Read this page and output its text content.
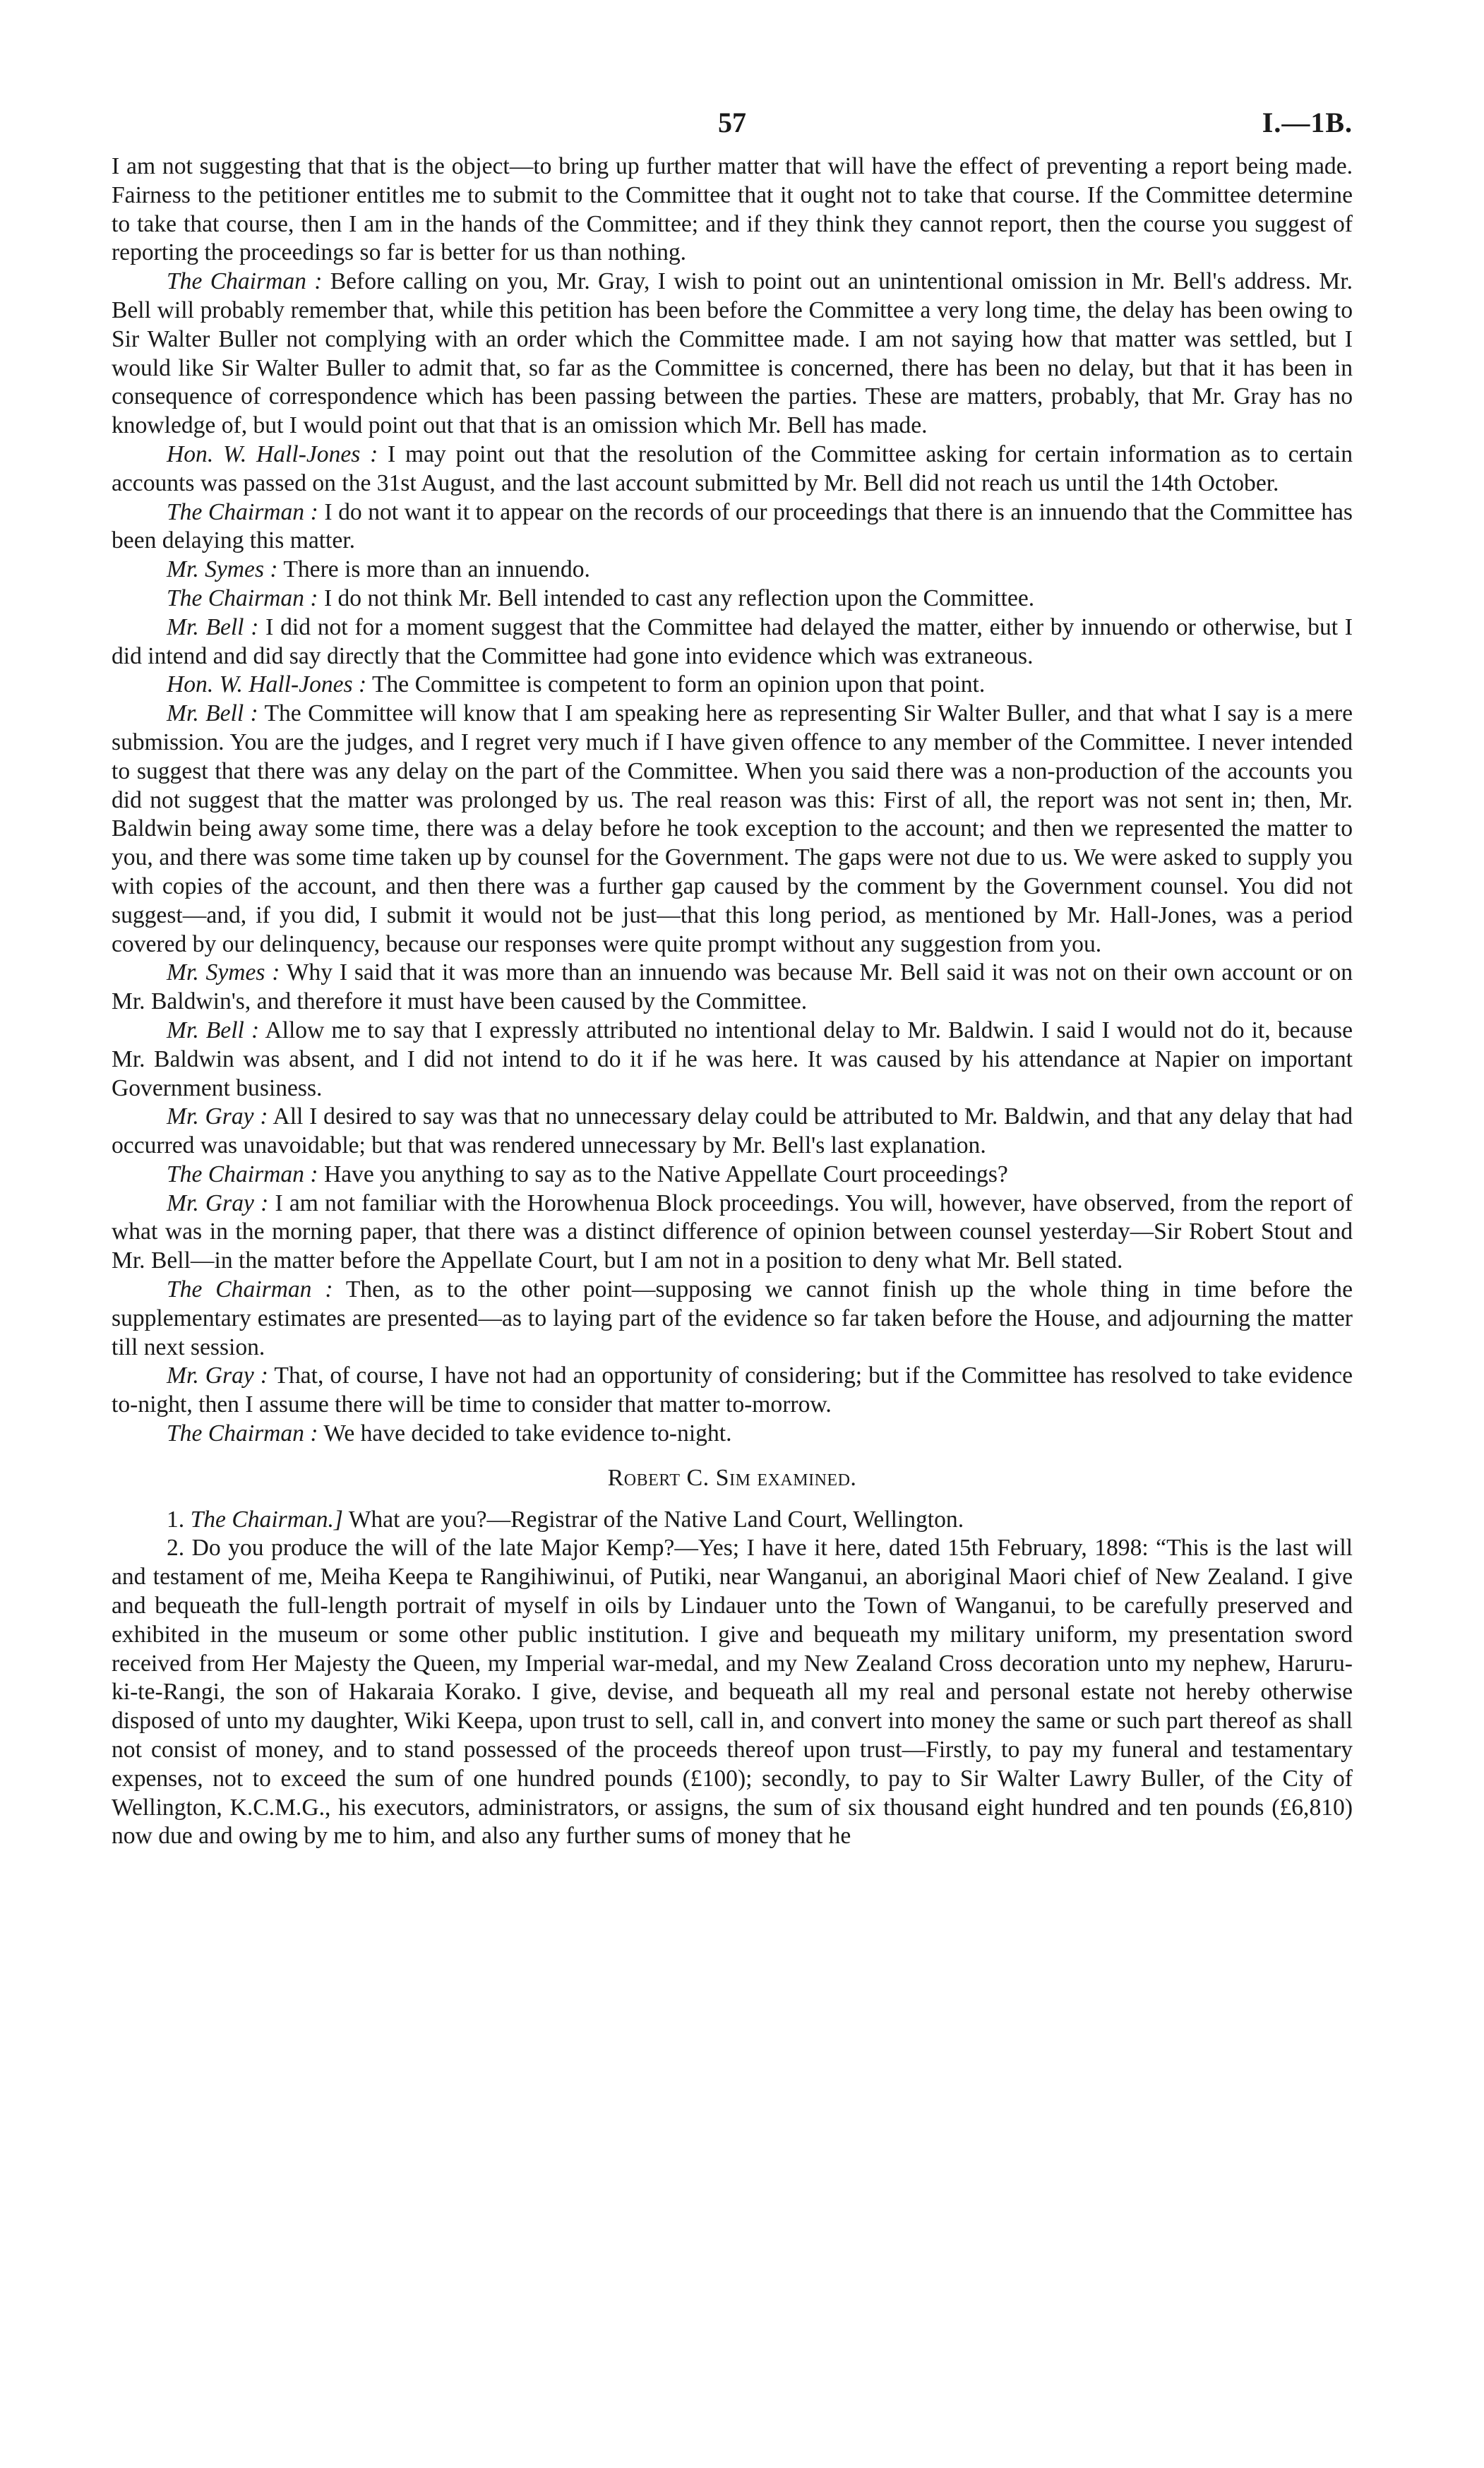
57	I.—1B.

I am not suggesting that that is the object—to bring up further matter that will have the effect of preventing a report being made. Fairness to the petitioner entitles me to submit to the Committee that it ought not to take that course. If the Committee determine to take that course, then I am in the hands of the Committee; and if they think they cannot report, then the course you suggest of reporting the proceedings so far is better for us than nothing.

The Chairman : Before calling on you, Mr. Gray, I wish to point out an unintentional omission in Mr. Bell's address. Mr. Bell will probably remember that, while this petition has been before the Committee a very long time, the delay has been owing to Sir Walter Buller not complying with an order which the Committee made. I am not saying how that matter was settled, but I would like Sir Walter Buller to admit that, so far as the Committee is concerned, there has been no delay, but that it has been in consequence of correspondence which has been passing between the parties. These are matters, probably, that Mr. Gray has no knowledge of, but I would point out that that is an omission which Mr. Bell has made.

Hon. W. Hall-Jones : I may point out that the resolution of the Committee asking for certain information as to certain accounts was passed on the 31st August, and the last account submitted by Mr. Bell did not reach us until the 14th October.

The Chairman : I do not want it to appear on the records of our proceedings that there is an innuendo that the Committee has been delaying this matter.

Mr. Symes : There is more than an innuendo.

The Chairman : I do not think Mr. Bell intended to cast any reflection upon the Committee.

Mr. Bell : I did not for a moment suggest that the Committee had delayed the matter, either by innuendo or otherwise, but I did intend and did say directly that the Committee had gone into evidence which was extraneous.

Hon. W. Hall-Jones : The Committee is competent to form an opinion upon that point.

Mr. Bell : The Committee will know that I am speaking here as representing Sir Walter Buller, and that what I say is a mere submission. You are the judges, and I regret very much if I have given offence to any member of the Committee. I never intended to suggest that there was any delay on the part of the Committee. When you said there was a non-production of the accounts you did not suggest that the matter was prolonged by us. The real reason was this: First of all, the report was not sent in; then, Mr. Baldwin being away some time, there was a delay before he took exception to the account; and then we represented the matter to you, and there was some time taken up by counsel for the Government. The gaps were not due to us. We were asked to supply you with copies of the account, and then there was a further gap caused by the comment by the Government counsel. You did not suggest—and, if you did, I submit it would not be just—that this long period, as mentioned by Mr. Hall-Jones, was a period covered by our delinquency, because our responses were quite prompt without any suggestion from you.

Mr. Symes : Why I said that it was more than an innuendo was because Mr. Bell said it was not on their own account or on Mr. Baldwin's, and therefore it must have been caused by the Committee.

Mr. Bell : Allow me to say that I expressly attributed no intentional delay to Mr. Baldwin. I said I would not do it, because Mr. Baldwin was absent, and I did not intend to do it if he was here. It was caused by his attendance at Napier on important Government business.

Mr. Gray : All I desired to say was that no unnecessary delay could be attributed to Mr. Baldwin, and that any delay that had occurred was unavoidable; but that was rendered unnecessary by Mr. Bell's last explanation.

The Chairman : Have you anything to say as to the Native Appellate Court proceedings?

Mr. Gray : I am not familiar with the Horowhenua Block proceedings. You will, however, have observed, from the report of what was in the morning paper, that there was a distinct difference of opinion between counsel yesterday—Sir Robert Stout and Mr. Bell—in the matter before the Appellate Court, but I am not in a position to deny what Mr. Bell stated.

The Chairman : Then, as to the other point—supposing we cannot finish up the whole thing in time before the supplementary estimates are presented—as to laying part of the evidence so far taken before the House, and adjourning the matter till next session.

Mr. Gray : That, of course, I have not had an opportunity of considering; but if the Committee has resolved to take evidence to-night, then I assume there will be time to consider that matter to-morrow.

The Chairman : We have decided to take evidence to-night.

Robert C. Sim examined.

1. The Chairman.] What are you?—Registrar of the Native Land Court, Wellington.

2. Do you produce the will of the late Major Kemp?—Yes; I have it here, dated 15th February, 1898: “This is the last will and testament of me, Meiha Keepa te Rangihiwinui, of Putiki, near Wanganui, an aboriginal Maori chief of New Zealand. I give and bequeath the full-length portrait of myself in oils by Lindauer unto the Town of Wanganui, to be carefully preserved and exhibited in the museum or some other public institution. I give and bequeath my military uniform, my presentation sword received from Her Majesty the Queen, my Imperial war-medal, and my New Zealand Cross decoration unto my nephew, Haruru-ki-te-Rangi, the son of Hakaraia Korako. I give, devise, and bequeath all my real and personal estate not hereby otherwise disposed of unto my daughter, Wiki Keepa, upon trust to sell, call in, and convert into money the same or such part thereof as shall not consist of money, and to stand possessed of the proceeds thereof upon trust—Firstly, to pay my funeral and testamentary expenses, not to exceed the sum of one hundred pounds (£100); secondly, to pay to Sir Walter Lawry Buller, of the City of Wellington, K.C.M.G., his executors, administrators, or assigns, the sum of six thousand eight hundred and ten pounds (£6,810) now due and owing by me to him, and also any further sums of money that he
